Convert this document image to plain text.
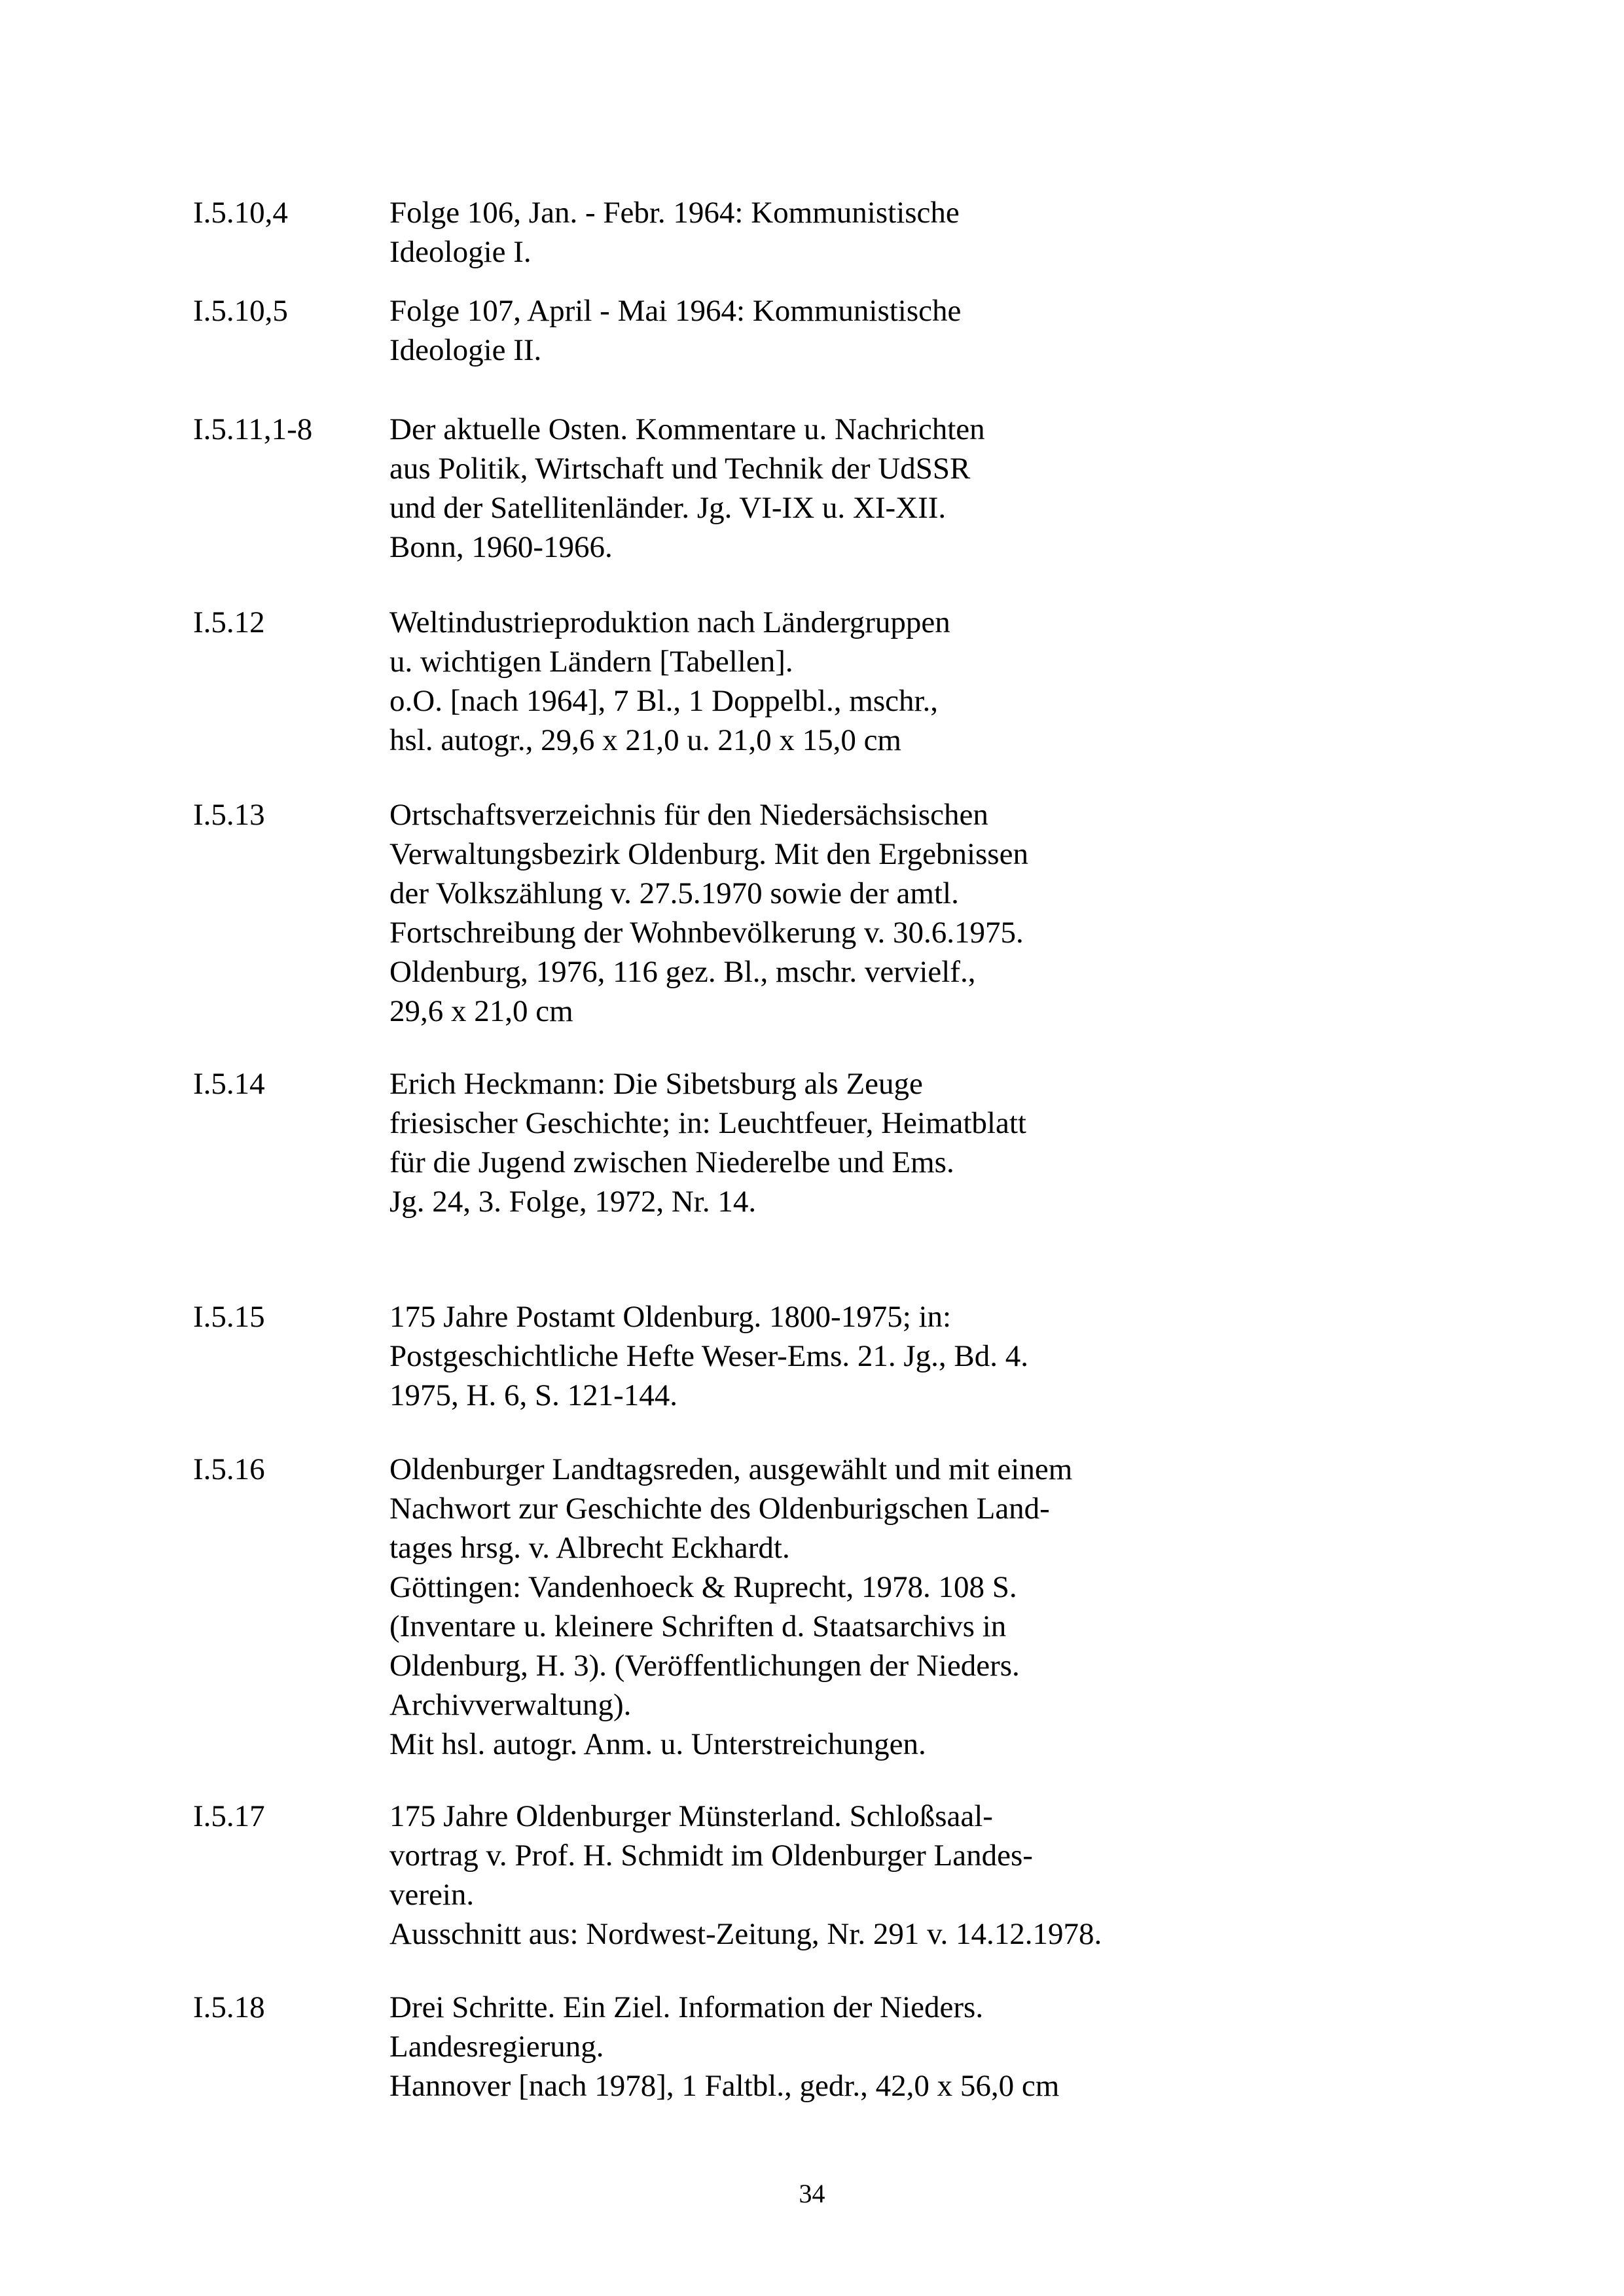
I.5.10,4	Folge 106, Jan. - Febr. 1964: Kommunistische
Ideologie I.
I.5.10,5	Folge 107, April - Mai 1964: Kommunistische
Ideologie II.
I.5.11,1-8	Der aktuelle Osten. Kommentare u. Nachrichten
aus Politik, Wirtschaft und Technik der UdSSR
und der Satellitenländer. Jg. VI-IX u. XI-XII.
Bonn, 1960-1966.
I.5.12	Weltindustrieproduktion nach Ländergruppen
u. wichtigen Ländern [Tabellen].
o.O. [nach 1964], 7 Bl., 1 Doppelbl., mschr.,
hsl. autogr., 29,6 x 21,0 u. 21,0 x 15,0 cm
I.5.13	Ortschaftsverzeichnis für den Niedersächsischen
Verwaltungsbezirk Oldenburg. Mit den Ergebnissen
der Volkszählung v. 27.5.1970 sowie der amtl.
Fortschreibung der Wohnbevölkerung v. 30.6.1975.
Oldenburg, 1976, 116 gez. Bl., mschr. vervielf.,
29,6 x 21,0 cm
I.5.14	Erich Heckmann: Die Sibetsburg als Zeuge
friesischer Geschichte; in: Leuchtfeuer, Heimatblatt
für die Jugend zwischen Niederelbe und Ems.
Jg. 24, 3. Folge, 1972, Nr. 14.
I.5.15	175 Jahre Postamt Oldenburg. 1800-1975; in:
Postgeschichtliche Hefte Weser-Ems. 21. Jg., Bd. 4.
1975, H. 6, S. 121-144.
I.5.16	Oldenburger Landtagsreden, ausgewählt und mit einem
Nachwort zur Geschichte des Oldenburigschen Land-
tages hrsg. v. Albrecht Eckhardt.
Göttingen: Vandenhoeck & Ruprecht, 1978. 108 S.
(Inventare u. kleinere Schriften d. Staatsarchivs in
Oldenburg, H. 3). (Veröffentlichungen der Nieders.
Archivverwaltung).
Mit hsl. autogr. Anm. u. Unterstreichungen.
I.5.17	175 Jahre Oldenburger Münsterland. Schloßsaal-
vortrag v. Prof. H. Schmidt im Oldenburger Landes-
verein.
Ausschnitt aus: Nordwest-Zeitung, Nr. 291 v. 14.12.1978.
I.5.18	Drei Schritte. Ein Ziel. Information der Nieders.
Landesregierung.
Hannover [nach 1978], 1 Faltbl., gedr., 42,0 x 56,0 cm
34
